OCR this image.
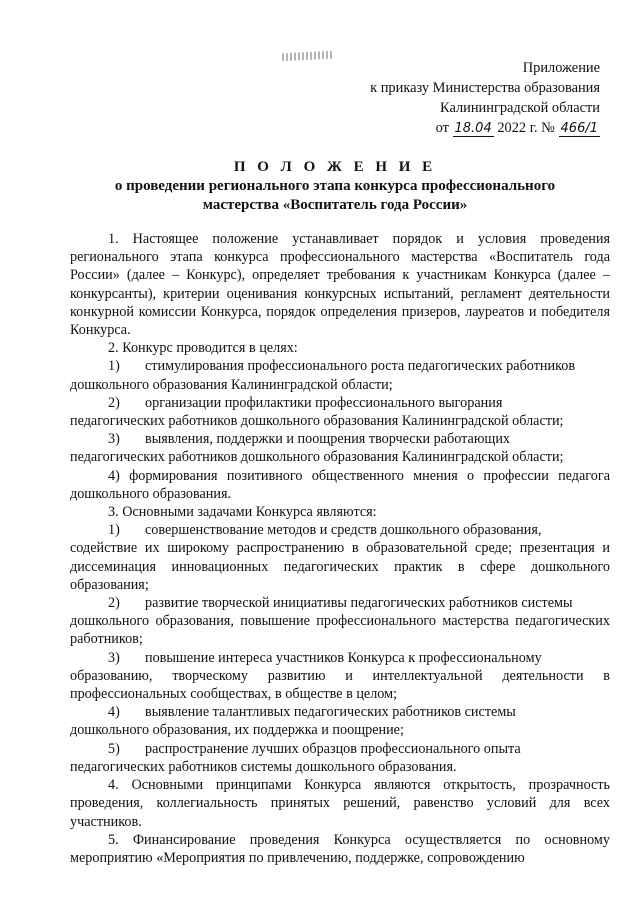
Приложение
к приказу Министерства образования
Калининградской области
от 18.04 2022 г. № 466/1
П О Л О Ж Е Н И Е
о проведении регионального этапа конкурса профессионального
мастерства «Воспитатель года России»

1. Настоящее положение устанавливает порядок и условия проведения регионального этапа конкурса профессионального мастерства «Воспитатель года России» (далее – Конкурс), определяет требования к участникам Конкурса (далее – конкурсанты), критерии оценивания конкурсных испытаний, регламент деятельности конкурной комиссии Конкурса, порядок определения призеров, лауреатов и победителя Конкурса.

2. Конкурс проводится в целях:

1)	стимулирования профессионального роста педагогических работников

дошкольного образования Калининградской области;

2)	организации профилактики профессионального выгорания

педагогических работников дошкольного образования Калининградской области;

3)	выявления, поддержки и поощрения творчески работающих

педагогических работников дошкольного образования Калининградской области;

4) формирования позитивного общественного мнения о профессии педагога дошкольного образования.

3. Основными задачами Конкурса являются:

1)	совершенствование методов и средств дошкольного образования,

содействие их широкому распространению в образовательной среде; презентация и диссеминация инновационных педагогических практик в сфере дошкольного образования;

2)	развитие творческой инициативы педагогических работников системы

дошкольного образования, повышение профессионального мастерства педагогических работников;

3)	повышение интереса участников Конкурса к профессиональному

образованию, творческому развитию и интеллектуальной деятельности в профессиональных сообществах, в обществе в целом;

4)	выявление талантливых педагогических работников системы

дошкольного образования, их поддержка и поощрение;

5)	распространение лучших образцов профессионального опыта

педагогических работников системы дошкольного образования.

4. Основными принципами Конкурса являются открытость, прозрачность проведения, коллегиальность принятых решений, равенство условий для всех участников.

5. Финансирование проведения Конкурса осуществляется по основному мероприятию «Мероприятия по привлечению, поддержке, сопровождению
